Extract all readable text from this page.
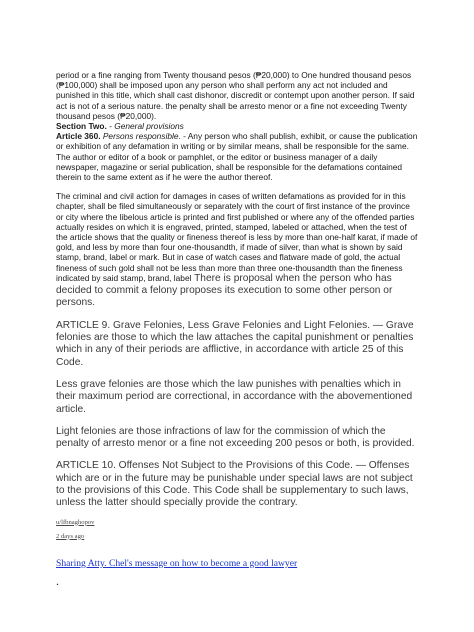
period or a fine ranging from Twenty thousand pesos (₱20,000) to One hundred thousand pesos (₱100,000) shall be imposed upon any person who shall perform any act not included and punished in this title, which shall cast dishonor, discredit or contempt upon another person. If said act is not of a serious nature. the penalty shall be arresto menor or a fine not exceeding Twenty thousand pesos (₱20,000).

Section Two. - General provisions

Article 360. Persons responsible. - Any person who shall publish, exhibit, or cause the publication or exhibition of any defamation in writing or by similar means, shall be responsible for the same. The author or editor of a book or pamphlet, or the editor or business manager of a daily newspaper, magazine or serial publication, shall be responsible for the defamations contained therein to the same extent as if he were the author thereof.

The criminal and civil action for damages in cases of written defamations as provided for in this chapter, shall be filed simultaneously or separately with the court of first instance of the province or city where the libelous article is printed and first published or where any of the offended parties actually resides on which it is engraved, printed, stamped, labeled or attached, when the test of the article shows that the quality or fineness thereof is less by more than one-half karat, if made of gold, and less by more than four one-thousandth, if made of silver, than what is shown by said stamp, brand, label or mark. But in case of watch cases and flatware made of gold, the actual fineness of such gold shall not be less than more than three one-thousandth than the fineness indicated by said stamp, brand, label There is proposal when the person who has decided to commit a felony proposes its execution to some other person or persons.

ARTICLE 9. Grave Felonies, Less Grave Felonies and Light Felonies. — Grave felonies are those to which the law attaches the capital punishment or penalties which in any of their periods are afflictive, in accordance with article 25 of this Code.

Less grave felonies are those which the law punishes with penalties which in their maximum period are correctional, in accordance with the abovementioned article.

Light felonies are those infractions of law for the commission of which the penalty of arresto menor or a fine not exceeding 200 pesos or both, is provided.

ARTICLE 10. Offenses Not Subject to the Provisions of this Code. — Offenses which are or in the future may be punishable under special laws are not subject to the provisions of this Code. This Code shall be supplementary to such laws, unless the latter should specially provide the contrary.

u/lfbnaghopov
2 days ago
Sharing Atty. Chel's message on how to become a good lawyer
.
